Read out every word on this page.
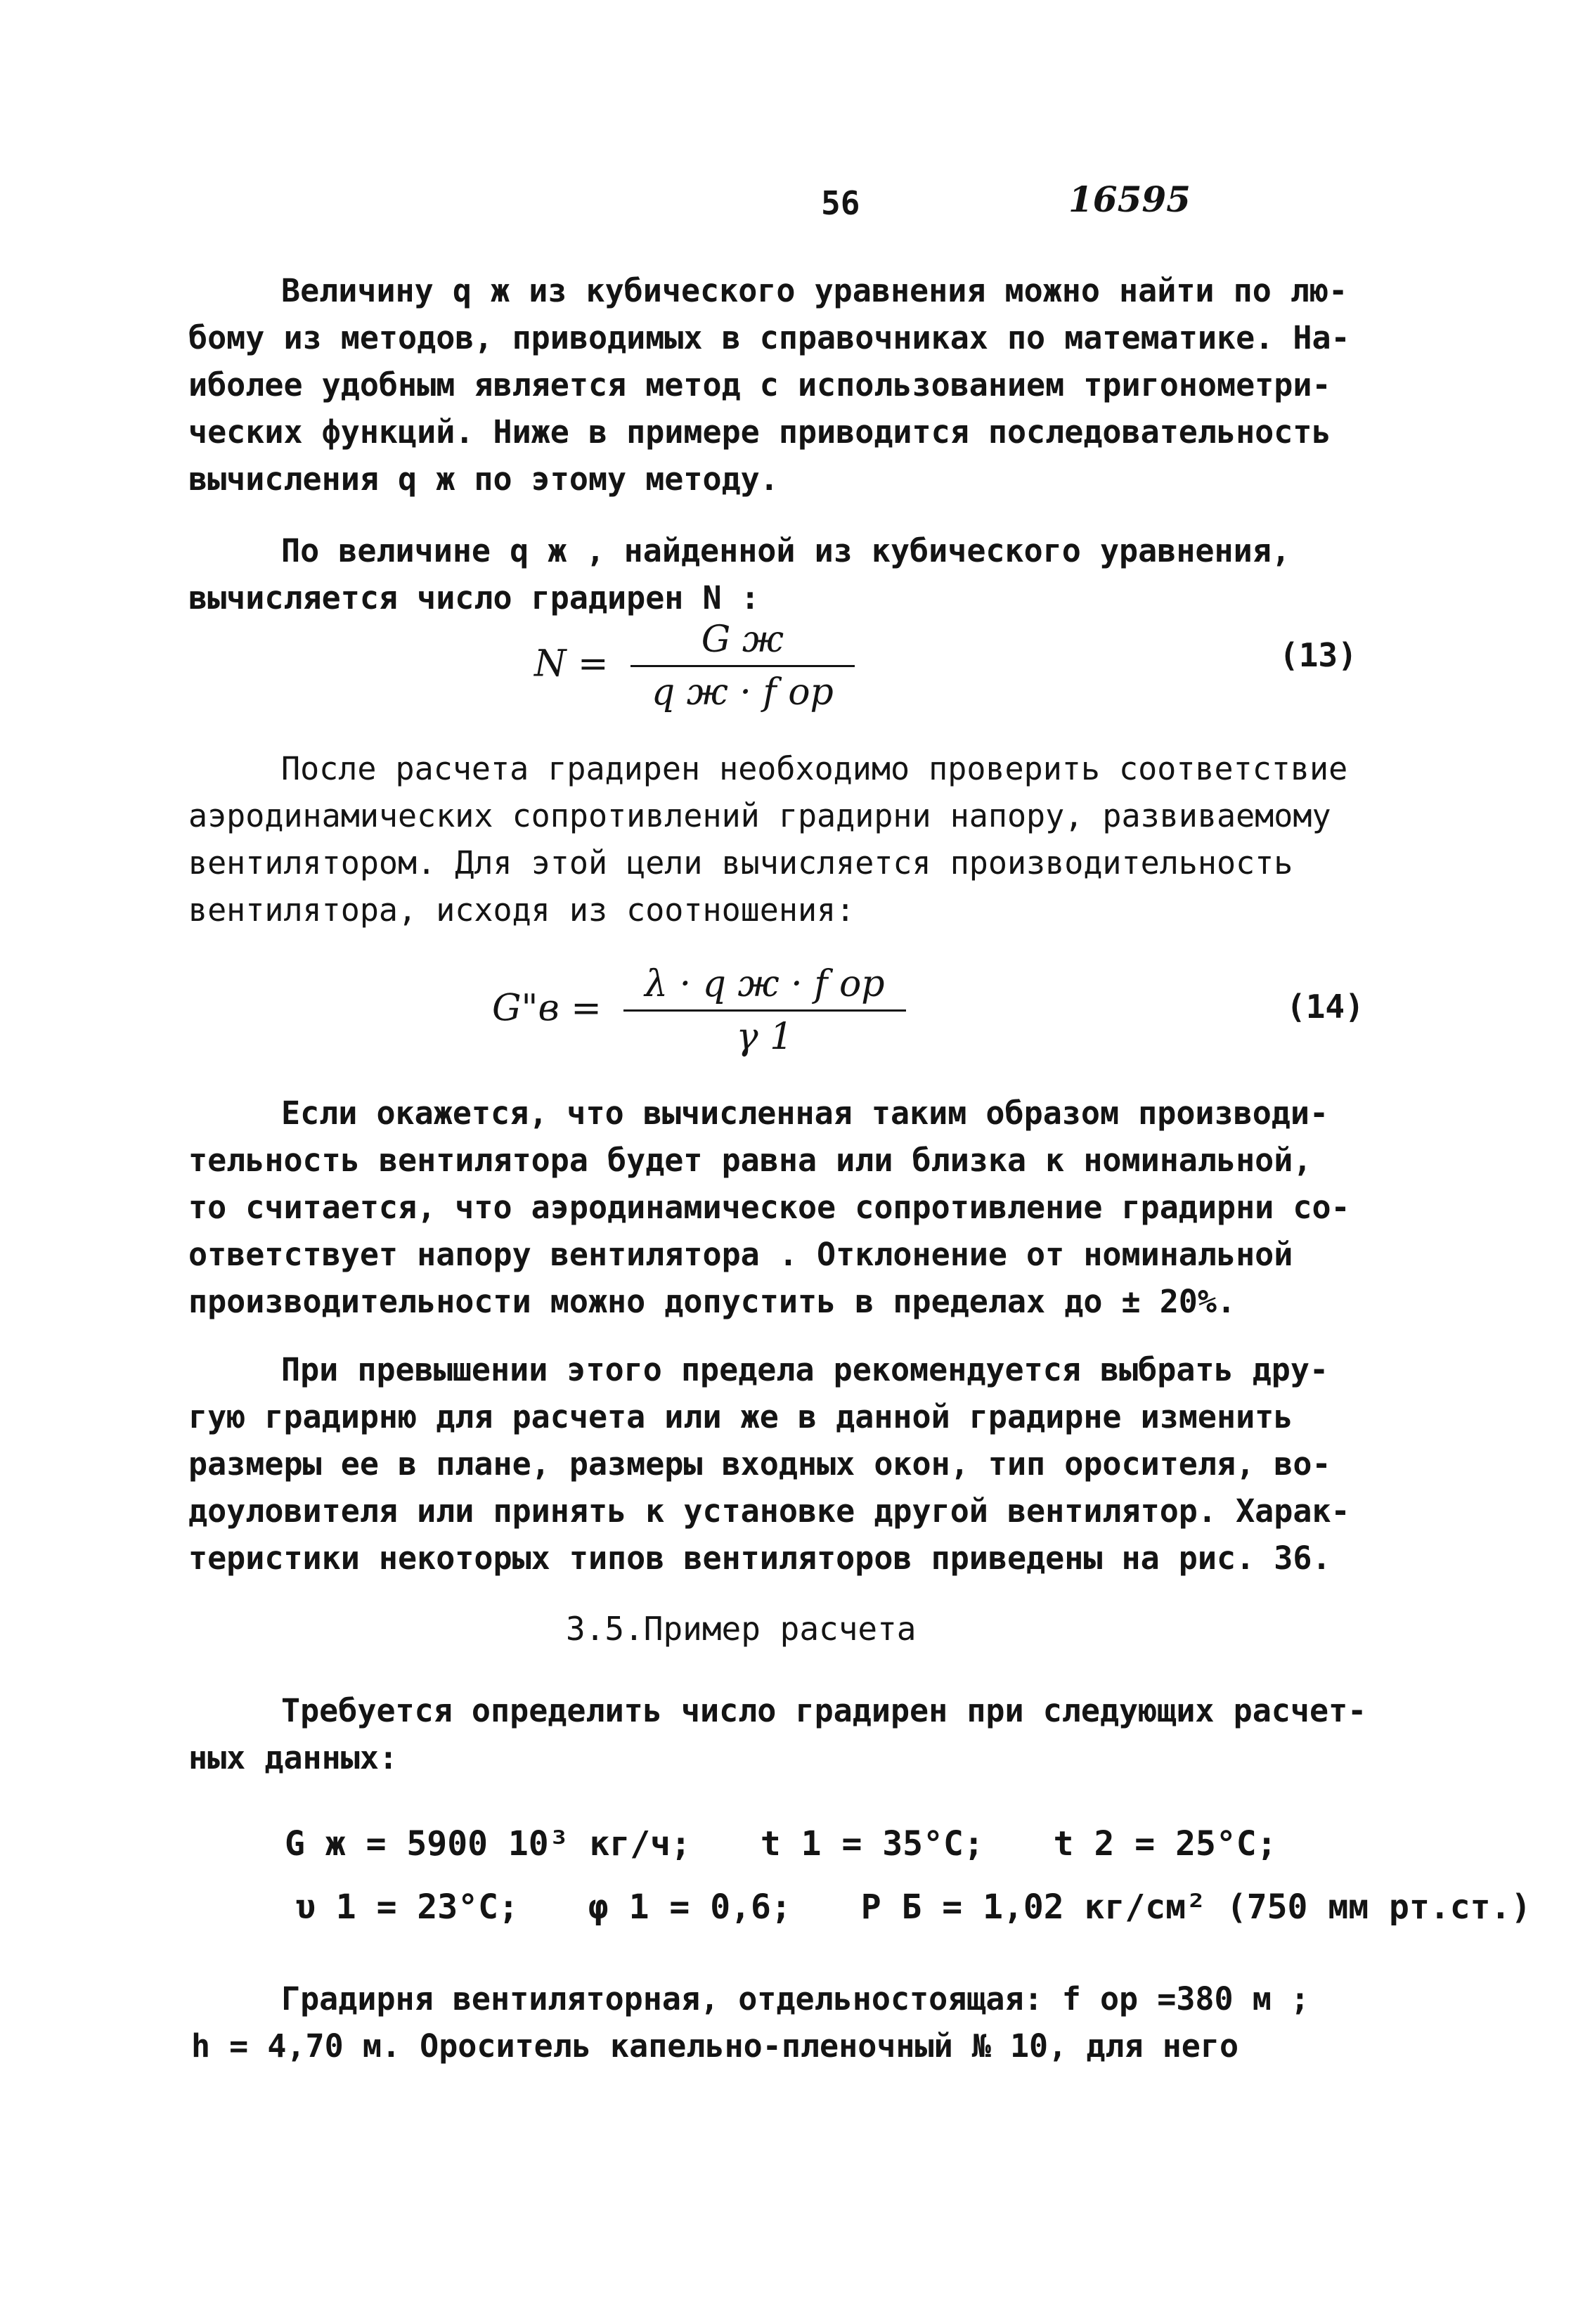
56	16595

Величину q ж из кубического уравнения можно найти по лю-

бому из методов, приводимых в справочниках по математике. На-

иболее удобным является метод с использованием тригонометри-

ческих функций. Ниже в примере приводится последовательность

вычисления q ж по этому методу.

По величине q ж , найденной из кубического уравнения,

вычисляется число градирен N :

$N = \frac{\text{G ж}}{\text{q ж · f ор}}$	(13)

После расчета градирен необходимо проверить соответствие

аэродинамических сопротивлений градирни напору, развиваемому

вентилятором. Для этой цели вычисляется производительность

вентилятора, исходя из соотношения:

G"в = $\frac{\text{λ · q ж · f ор}}{\gamma 1}$	(14)

Если окажется, что вычисленная таким образом производи-

тельность вентилятора будет равна или близка к номинальной,

то считается, что аэродинамическое сопротивление градирни со-

ответствует напору вентилятора . Отклонение от номинальной

производительности можно допустить в пределах до ± 20%.

При превышении этого предела рекомендуется выбрать дру-

гую градирню для расчета или же в данной градирне изменить

размеры ее в плане, размеры входных окон, тип оросителя, во-

доуловителя или принять к установке другой вентилятор. Харак-

теристики некоторых типов вентиляторов приведены на рис. 36.

3.5.Пример расчета

Требуется определить число градирен при следующих расчет-

ных данных:

G ж = 5900 10³ кг/ч; t 1 = 35°C; t 2 = 25°C;
υ 1 = 23°C; φ 1 = 0,6; P Б = 1,02 кг/см² (750 мм рт.ст.)

Градирня вентиляторная, отдельностоящая: f ор =380 м ;

h = 4,70 м. Ороситель капельно-пленочный № 10, для него
